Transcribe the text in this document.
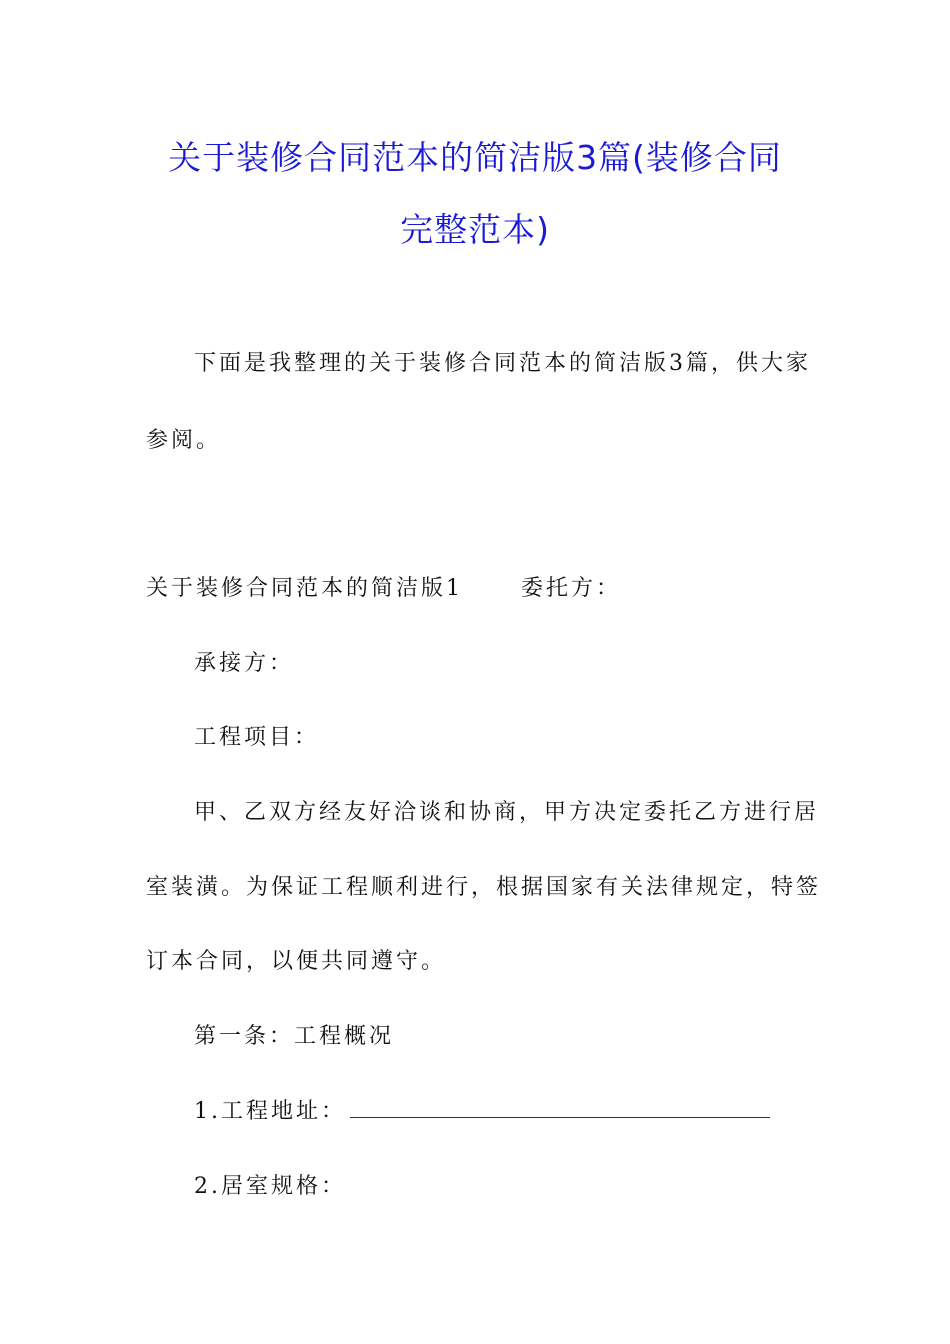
关于装修合同范本的简洁版3篇(装修合同
完整范本)

下面是我整理的关于装修合同范本的简洁版3篇，供大家

参阅。

关于装修合同范本的简洁版1	委托方：

承接方：

工程项目：

甲、乙双方经友好洽谈和协商，甲方决定委托乙方进行居

室装潢。为保证工程顺利进行，根据国家有关法律规定，特签

订本合同，以便共同遵守。

第一条：工程概况

1.工程地址：

2.居室规格：
